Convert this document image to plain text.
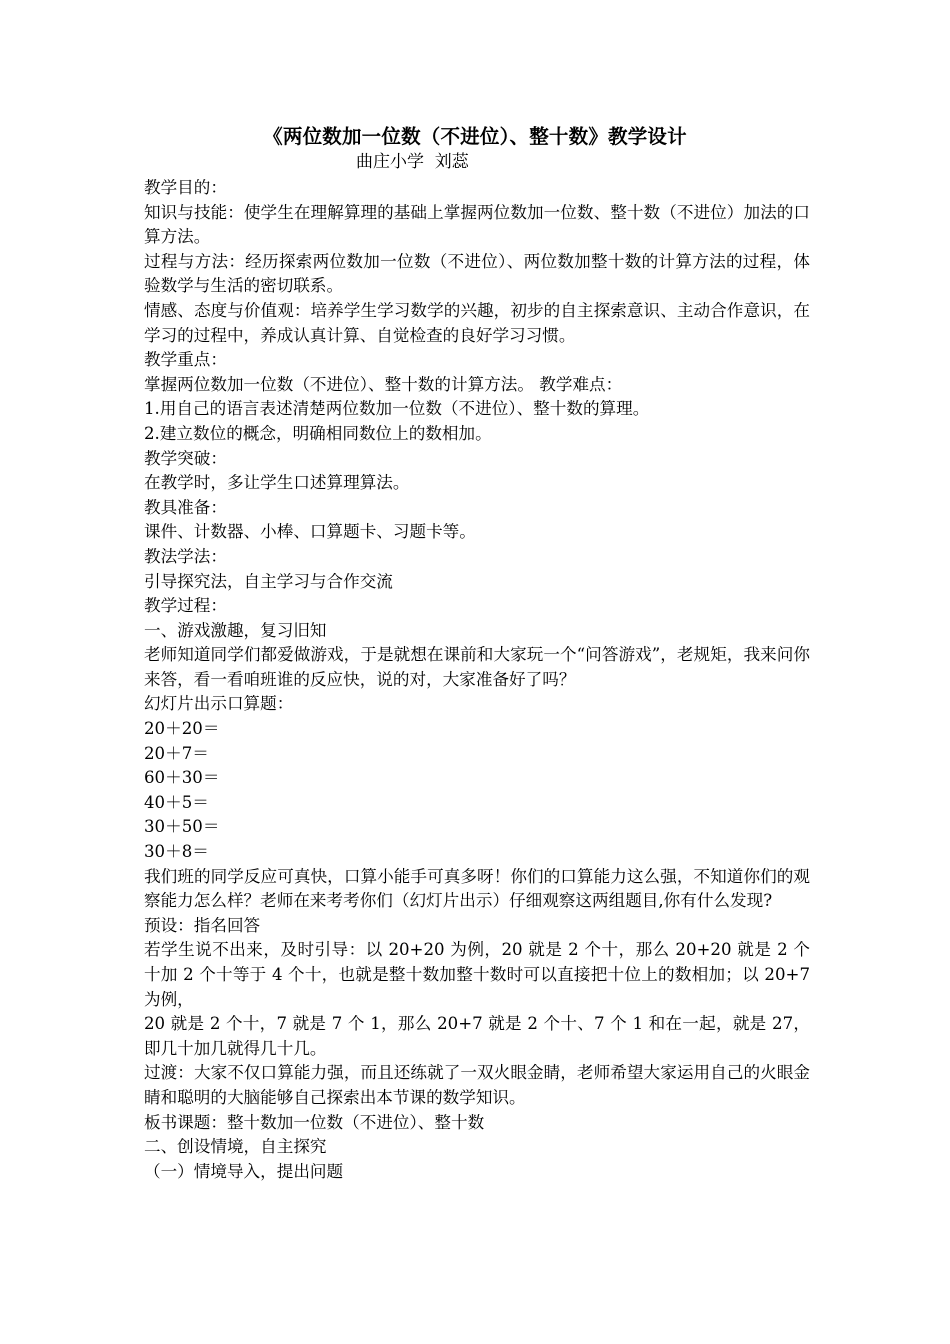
《两位数加一位数（不进位）、整十数》教学设计
曲庄小学  刘蕊

教学目的：

知识与技能：使学生在理解算理的基础上掌握两位数加一位数、整十数（不进位）加法的口算方法。

过程与方法：经历探索两位数加一位数（不进位）、两位数加整十数的计算方法的过程，体验数学与生活的密切联系。

情感、态度与价值观：培养学生学习数学的兴趣，初步的自主探索意识、主动合作意识，在学习的过程中，养成认真计算、自觉检查的良好学习习惯。

教学重点：

掌握两位数加一位数（不进位）、整十数的计算方法。 教学难点：

1.用自己的语言表述清楚两位数加一位数（不进位）、整十数的算理。

2.建立数位的概念，明确相同数位上的数相加。

教学突破：

在教学时，多让学生口述算理算法。

教具准备：

课件、计数器、小棒、口算题卡、习题卡等。

教法学法：

引导探究法，自主学习与合作交流

教学过程：

一、游戏激趣，复习旧知

老师知道同学们都爱做游戏，于是就想在课前和大家玩一个“问答游戏”，老规矩，我来问你来答，看一看咱班谁的反应快，说的对，大家准备好了吗？

幻灯片出示口算题：

20＋20＝

20＋7＝

60＋30＝

40＋5＝

30＋50＝

30＋8＝

我们班的同学反应可真快，口算小能手可真多呀！你们的口算能力这么强，不知道你们的观察能力怎么样？老师在来考考你们（幻灯片出示）仔细观察这两组题目,你有什么发现?

预设：指名回答

若学生说不出来，及时引导：以 20+20 为例，20 就是 2 个十，那么 20+20 就是 2 个十加 2 个十等于 4 个十，也就是整十数加整十数时可以直接把十位上的数相加；以 20+7 为例，

20 就是 2 个十，7 就是 7 个 1，那么 20+7 就是 2 个十、7 个 1 和在一起，就是 27，即几十加几就得几十几。

过渡：大家不仅口算能力强，而且还练就了一双火眼金睛，老师希望大家运用自己的火眼金睛和聪明的大脑能够自己探索出本节课的数学知识。

板书课题：整十数加一位数（不进位）、整十数

二、创设情境，自主探究

（一）情境导入，提出问题
